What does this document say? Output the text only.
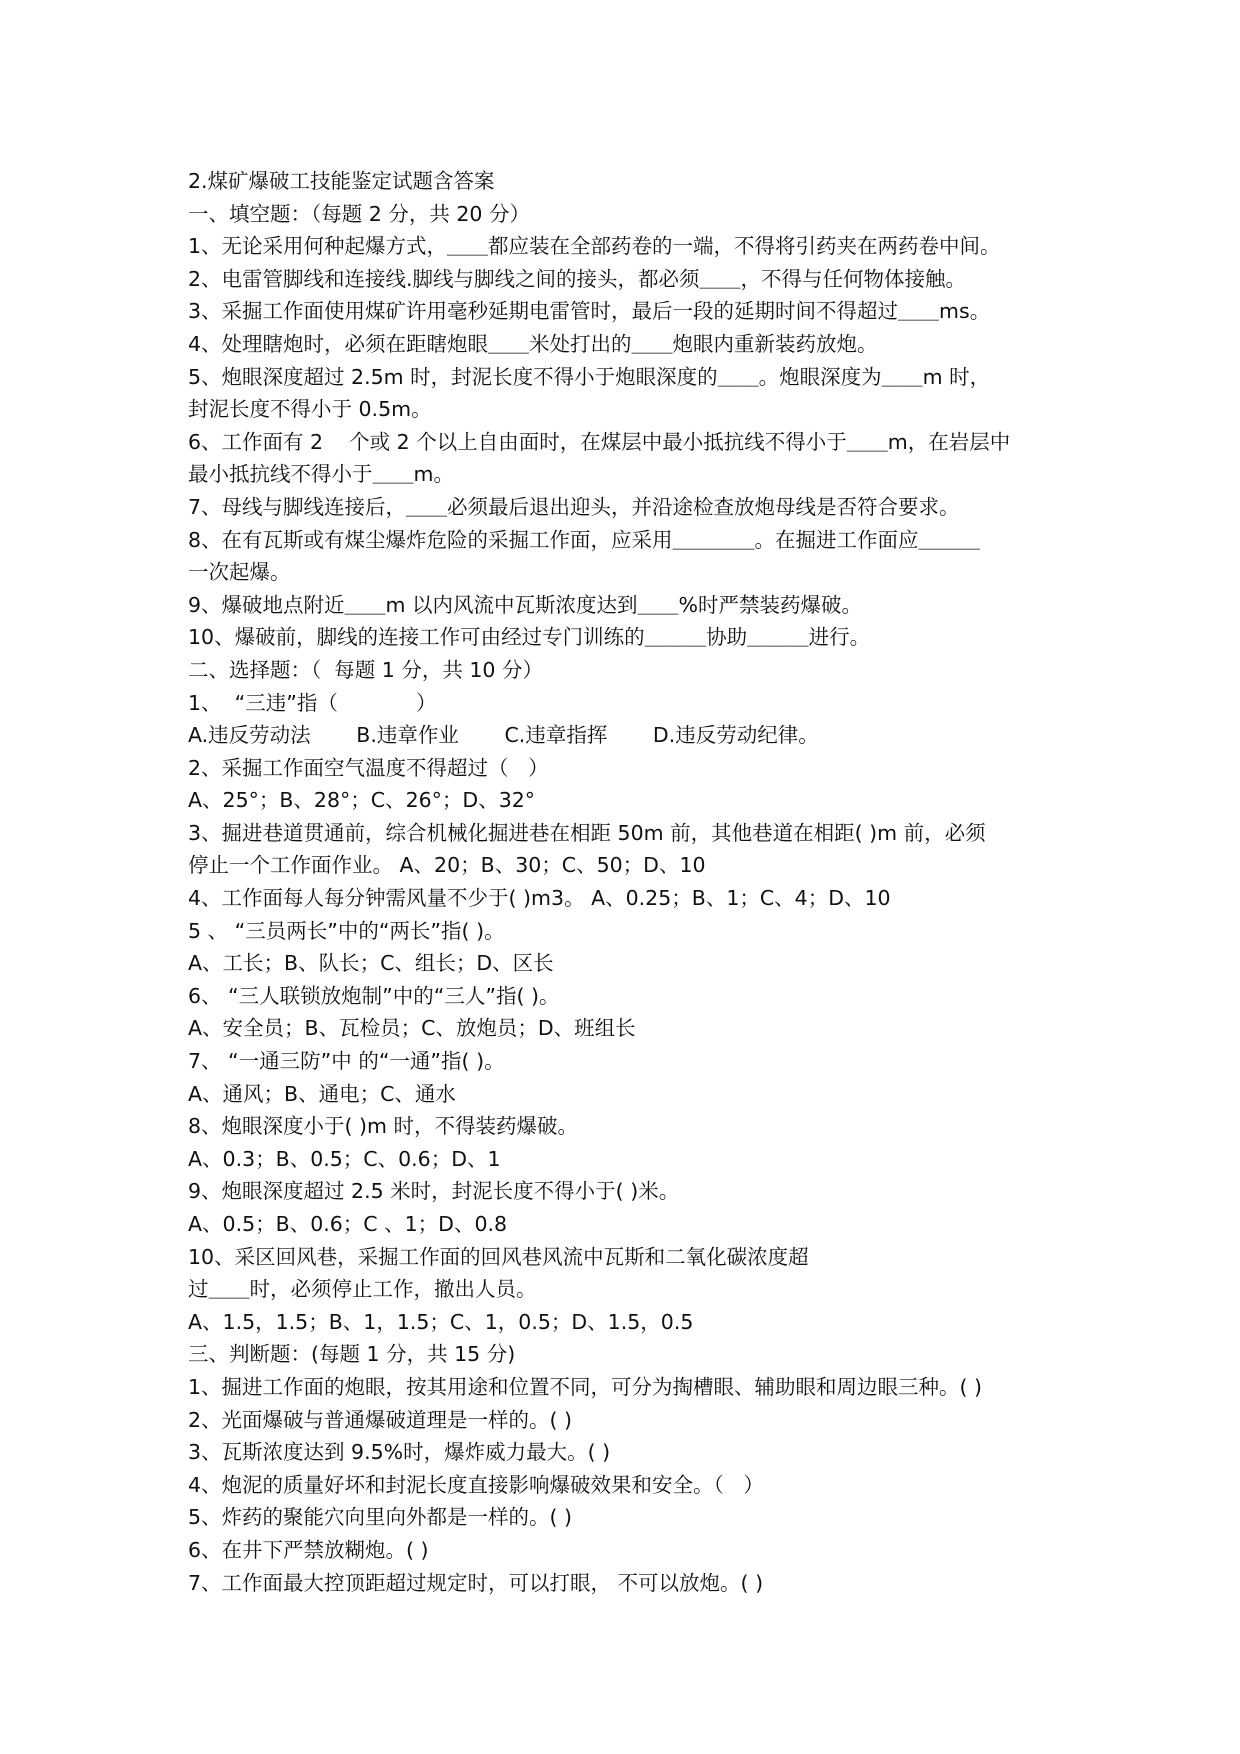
2.煤矿爆破工技能鉴定试题含答案

一、填空题：（每题 2 分，共 20 分）

1、无论采用何种起爆方式，＿＿都应装在全部药卷的一端，不得将引药夹在两药卷中间。

2、电雷管脚线和连接线.脚线与脚线之间的接头，都必须＿＿，不得与任何物体接触。

3、采掘工作面使用煤矿许用毫秒延期电雷管时，最后一段的延期时间不得超过＿＿ms。

4、处理瞎炮时，必须在距瞎炮眼＿＿米处打出的＿＿炮眼内重新装药放炮。

5、炮眼深度超过 2.5m 时，封泥长度不得小于炮眼深度的＿＿。炮眼深度为＿＿m 时，

封泥长度不得小于 0.5m。

6、工作面有 2    个或 2 个以上自由面时，在煤层中最小抵抗线不得小于＿＿m，在岩层中

最小抵抗线不得小于＿＿m。

7、母线与脚线连接后，＿＿必须最后退出迎头，并沿途检查放炮母线是否符合要求。

8、在有瓦斯或有煤尘爆炸危险的采掘工作面，应采用＿＿＿＿。在掘进工作面应＿＿＿

一次起爆。

9、爆破地点附近＿＿m 以内风流中瓦斯浓度达到＿＿%时严禁装药爆破。

10、爆破前，脚线的连接工作可由经过专门训练的＿＿＿协助＿＿＿进行。

二、选择题：（  每题 1 分，共 10 分）

1、  “三违”指（            ）

A.违反劳动法       B.违章作业       C.违章指挥       D.违反劳动纪律。

2、采掘工作面空气温度不得超过（   ）

A、25°；B、28°；C、26°；D、32°

3、掘进巷道贯通前，综合机械化掘进巷在相距 50m 前，其他巷道在相距( )m 前，必须

停止一个工作面作业。 A、20；B、30；C、50；D、10

4、工作面每人每分钟需风量不少于( )m3。 A、0.25；B、1；C、4；D、10

5 、 “三员两长”中的“两长”指( )。

A、工长；B、队长；C、组长；D、区长

6、 “三人联锁放炮制”中的“三人”指( )。

A、安全员；B、瓦检员；C、放炮员；D、班组长

7、 “一通三防”中 的“一通”指( )。

A、通风；B、通电；C、通水

8、炮眼深度小于( )m 时，不得装药爆破。

A、0.3；B、0.5；C、0.6；D、1

9、炮眼深度超过 2.5 米时，封泥长度不得小于( )米。

A、0.5；B、0.6；C 、1；D、0.8

10、采区回风巷，采掘工作面的回风巷风流中瓦斯和二氧化碳浓度超

过＿＿时，必须停止工作，撤出人员。

A、1.5，1.5；B、1，1.5；C、1，0.5；D、1.5，0.5

三、判断题：(每题 1 分，共 15 分)

1、掘进工作面的炮眼，按其用途和位置不同，可分为掏槽眼、辅助眼和周边眼三种。( )

2、光面爆破与普通爆破道理是一样的。( )

3、瓦斯浓度达到 9.5%时，爆炸威力最大。( )

4、炮泥的质量好坏和封泥长度直接影响爆破效果和安全。（   ）

5、炸药的聚能穴向里向外都是一样的。( )

6、在井下严禁放糊炮。( )

7、工作面最大控顶距超过规定时，可以打眼， 不可以放炮。( )
